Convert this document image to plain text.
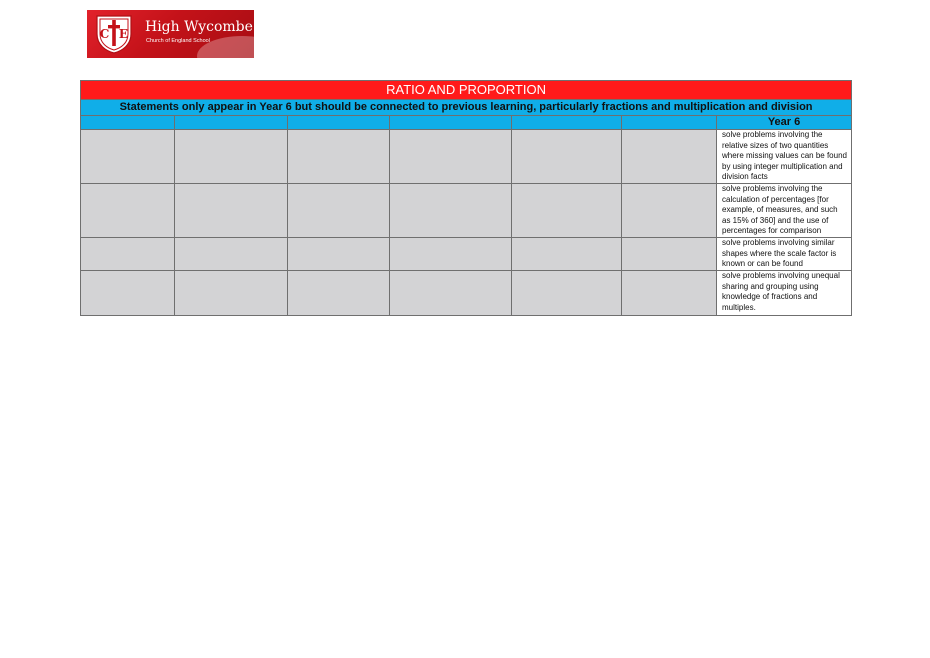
C E High Wycombe
Church of England School
RATIO AND PROPORTION						
Statements only appear in Year 6 but should be connected to previous learning, particularly fractions and multiplication and division						
						Year 6
						solve problems involving the relative sizes of two quantities where missing values can be found by using integer multiplication and division facts
						solve problems involving the calculation of percentages [for example, of measures, and such as 15% of 360] and the use of percentages for comparison
						solve problems involving similar shapes where the scale factor is known or can be found
						solve problems involving unequal sharing and grouping using knowledge of fractions and multiples.
